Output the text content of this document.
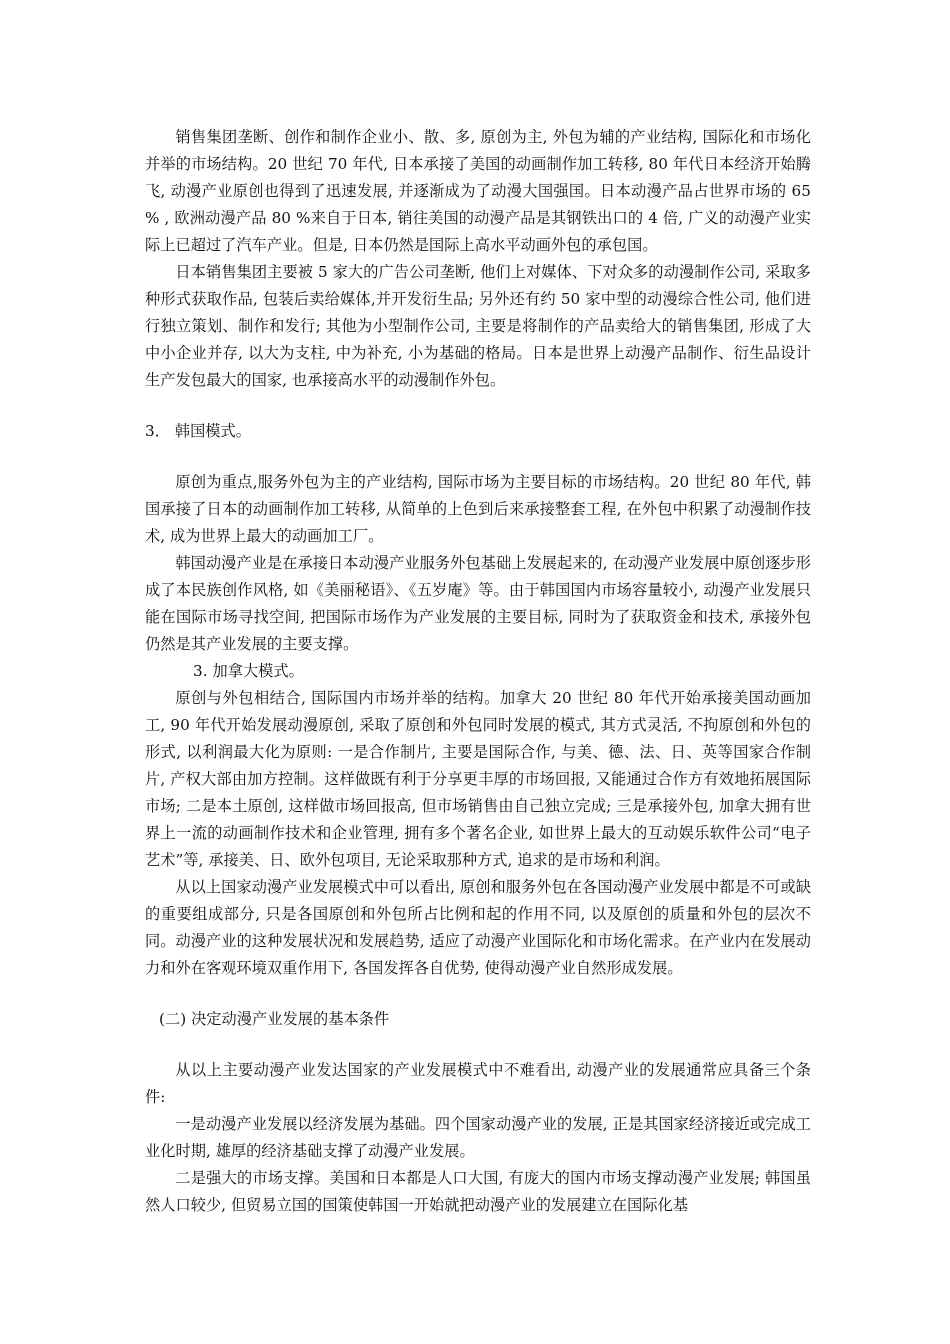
销售集团垄断、创作和制作企业小、散、多, 原创为主, 外包为辅的产业结构, 国际化和市场化并举的市场结构。20 世纪 70 年代, 日本承接了美国的动画制作加工转移, 80 年代日本经济开始腾飞, 动漫产业原创也得到了迅速发展, 并逐渐成为了动漫大国强国。日本动漫产品占世界市场的 65 % , 欧洲动漫产品 80 %来自于日本, 销往美国的动漫产品是其钢铁出口的 4 倍, 广义的动漫产业实际上已超过了汽车产业。但是, 日本仍然是国际上高水平动画外包的承包国。

日本销售集团主要被 5 家大的广告公司垄断, 他们上对媒体、下对众多的动漫制作公司, 采取多种形式获取作品, 包装后卖给媒体,并开发衍生品; 另外还有约 50 家中型的动漫综合性公司, 他们进行独立策划、制作和发行; 其他为小型制作公司, 主要是将制作的产品卖给大的销售集团, 形成了大中小企业并存, 以大为支柱, 中为补充, 小为基础的格局。日本是世界上动漫产品制作、衍生品设计生产发包最大的国家, 也承接高水平的动漫制作外包。

3． 韩国模式。

原创为重点,服务外包为主的产业结构, 国际市场为主要目标的市场结构。20 世纪 80 年代, 韩国承接了日本的动画制作加工转移, 从简单的上色到后来承接整套工程, 在外包中积累了动漫制作技术, 成为世界上最大的动画加工厂。

韩国动漫产业是在承接日本动漫产业服务外包基础上发展起来的, 在动漫产业发展中原创逐步形成了本民族创作风格, 如《美丽秘语》、《五岁庵》等。由于韩国国内市场容量较小, 动漫产业发展只能在国际市场寻找空间, 把国际市场作为产业发展的主要目标, 同时为了获取资金和技术, 承接外包仍然是其产业发展的主要支撑。

3. 加拿大模式。

原创与外包相结合, 国际国内市场并举的结构。加拿大 20 世纪 80 年代开始承接美国动画加工, 90 年代开始发展动漫原创, 采取了原创和外包同时发展的模式, 其方式灵活, 不拘原创和外包的形式, 以利润最大化为原则: 一是合作制片, 主要是国际合作, 与美、德、法、日、英等国家合作制片, 产权大部由加方控制。这样做既有利于分享更丰厚的市场回报, 又能通过合作方有效地拓展国际市场; 二是本土原创, 这样做市场回报高, 但市场销售由自己独立完成; 三是承接外包, 加拿大拥有世界上一流的动画制作技术和企业管理, 拥有多个著名企业, 如世界上最大的互动娱乐软件公司“电子艺术”等, 承接美、日、欧外包项目, 无论采取那种方式, 追求的是市场和利润。

从以上国家动漫产业发展模式中可以看出, 原创和服务外包在各国动漫产业发展中都是不可或缺的重要组成部分, 只是各国原创和外包所占比例和起的作用不同, 以及原创的质量和外包的层次不同。动漫产业的这种发展状况和发展趋势, 适应了动漫产业国际化和市场化需求。在产业内在发展动力和外在客观环境双重作用下, 各国发挥各自优势, 使得动漫产业自然形成发展。

(二) 决定动漫产业发展的基本条件

从以上主要动漫产业发达国家的产业发展模式中不难看出, 动漫产业的发展通常应具备三个条件:

一是动漫产业发展以经济发展为基础。四个国家动漫产业的发展, 正是其国家经济接近或完成工业化时期, 雄厚的经济基础支撑了动漫产业发展。

二是强大的市场支撑。美国和日本都是人口大国, 有庞大的国内市场支撑动漫产业发展; 韩国虽然人口较少, 但贸易立国的国策使韩国一开始就把动漫产业的发展建立在国际化基
